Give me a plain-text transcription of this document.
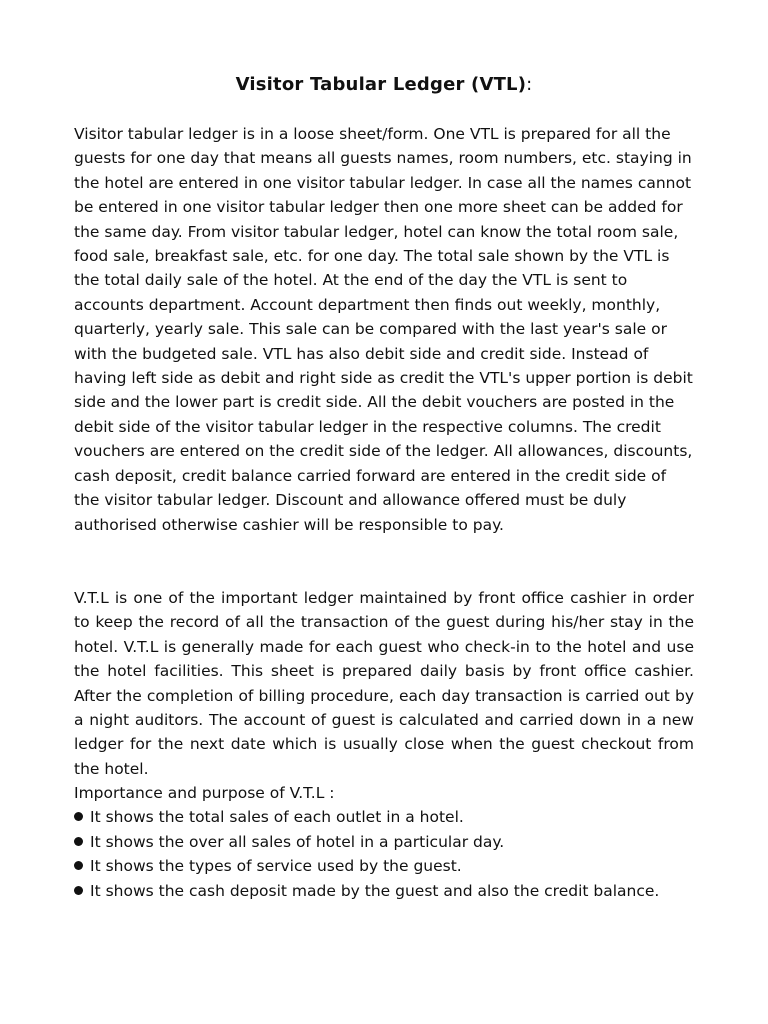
Visitor Tabular Ledger (VTL):

Visitor tabular ledger is in a loose sheet/form. One VTL is prepared for all the guests for one day that means all guests names, room numbers, etc. staying in the hotel are entered in one visitor tabular ledger. In case all the names cannot be entered in one visitor tabular ledger then one more sheet can be added for the same day. From visitor tabular ledger, hotel can know the total room sale, food sale, breakfast sale, etc. for one day. The total sale shown by the VTL is the total daily sale of the hotel. At the end of the day the VTL is sent to accounts department. Account department then finds out weekly, monthly, quarterly, yearly sale. This sale can be compared with the last year's sale or with the budgeted sale. VTL has also debit side and credit side. Instead of having left side as debit and right side as credit the VTL's upper portion is debit side and the lower part is credit side. All the debit vouchers are posted in the debit side of the visitor tabular ledger in the respective columns. The credit vouchers are entered on the credit side of the ledger. All allowances, discounts, cash deposit, credit balance carried forward are entered in the credit side of the visitor tabular ledger. Discount and allowance offered must be duly authorised otherwise cashier will be responsible to pay.

V.T.L is one of the important ledger maintained by front office cashier in order to keep the record of all the transaction of the guest during his/her stay in the hotel. V.T.L is generally made for each guest who check-in to the hotel and use the hotel facilities. This sheet is prepared daily basis by front office cashier. After the completion of billing procedure, each day transaction is carried out by a night auditors. The account of guest is calculated and carried down in a new ledger for the next date which is usually close when the guest checkout from the hotel.

Importance and purpose of V.T.L :

It shows the total sales of each outlet in a hotel.
It shows the over all sales of hotel in a particular day.
It shows the types of service used by the guest.
It shows the cash deposit made by the guest and also the credit balance.
